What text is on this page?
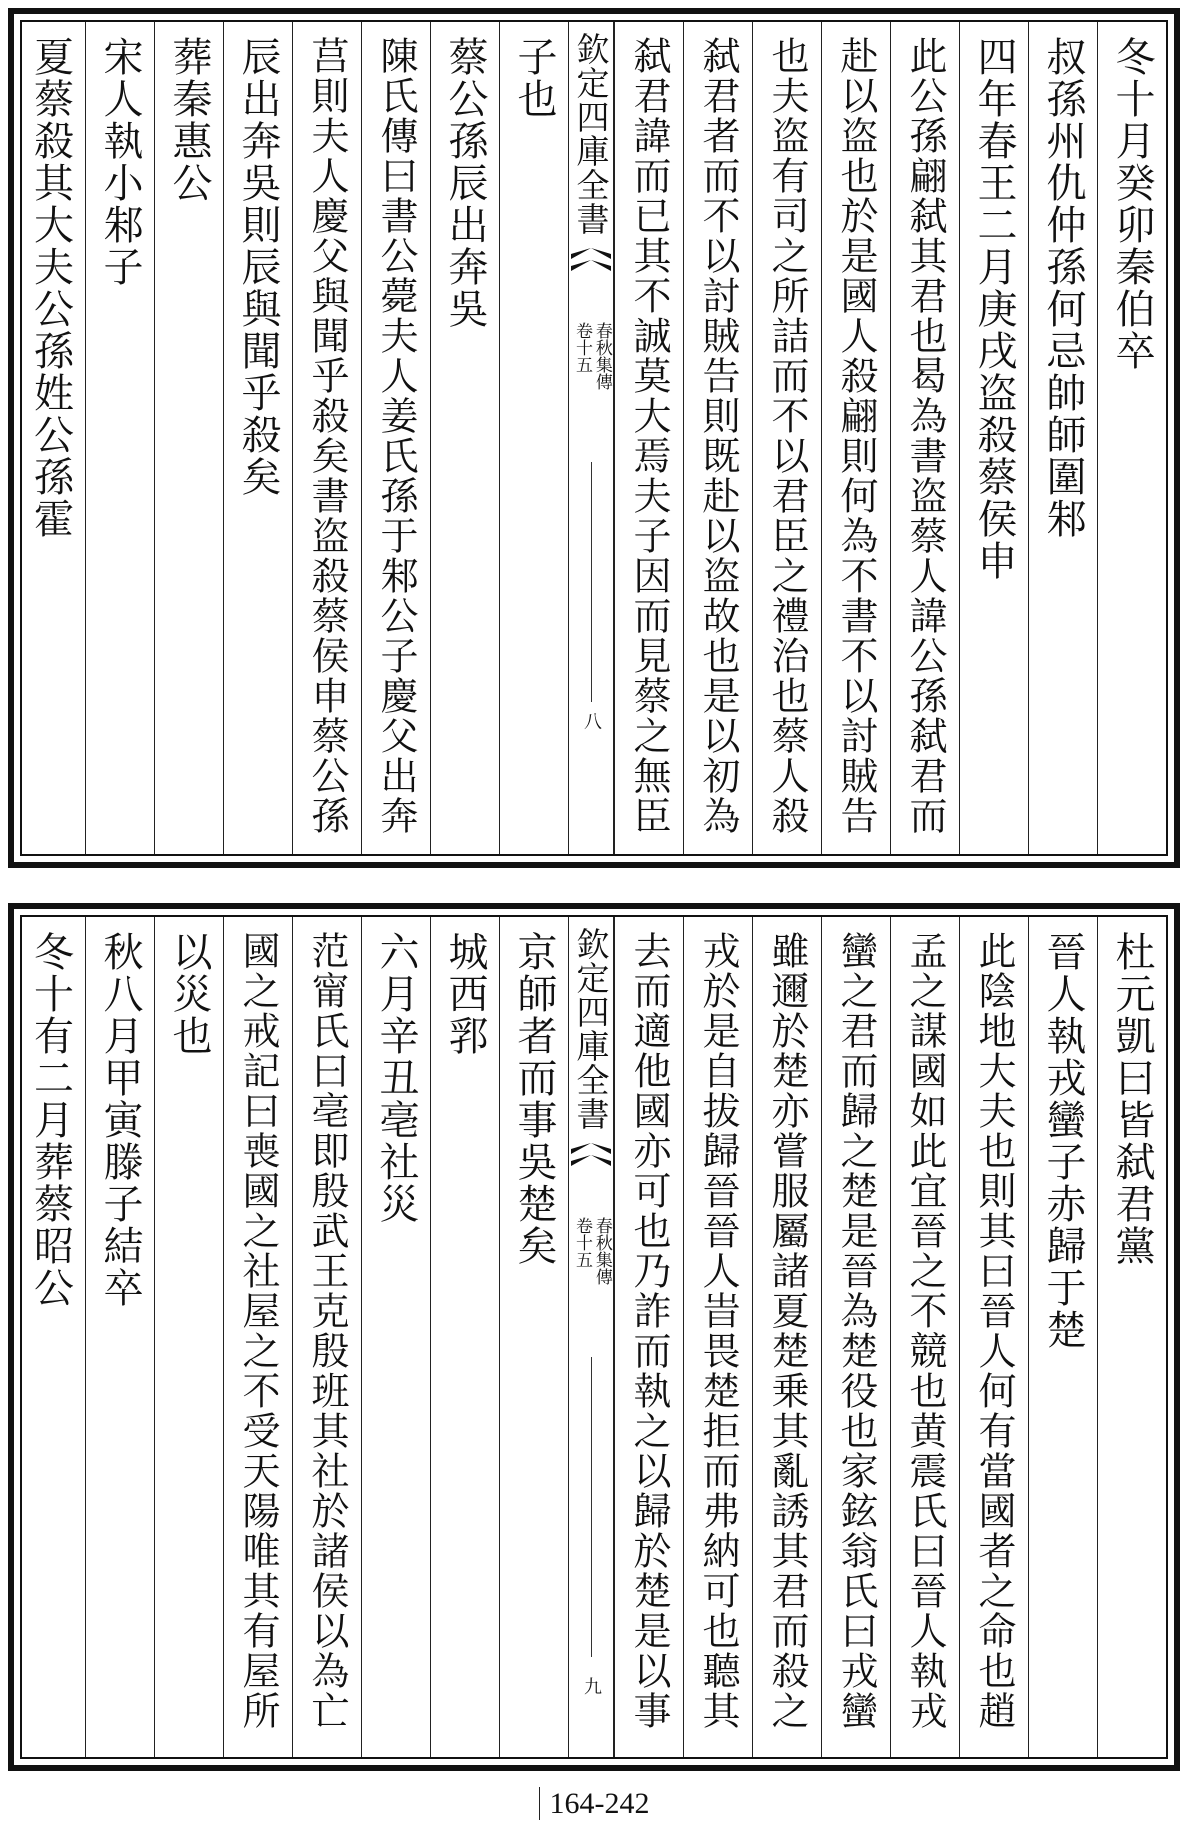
冬十月癸卯秦伯卒
叔孫州仇仲孫何忌帥師圍邾
四年春王二月庚戌盗殺蔡侯申
此公孫翩弑其君也曷為書盗蔡人諱公孫弑君而
赴以盗也於是國人殺翩則何為不書不以討賊告
也夫盗有司之所詰而不以君臣之禮治也蔡人殺
弑君者而不以討賊告則既赴以盗故也是以初為
弑君諱而已其不誠莫大焉夫子因而見蔡之無臣
欽定四庫全書
春秋集傳
卷十五
八
子也
蔡公孫辰出奔吳
陳氏傳曰書公薨夫人姜氏孫于邾公子慶父出奔
莒則夫人慶父與聞乎殺矣書盗殺蔡侯申蔡公孫
辰出奔吳則辰與聞乎殺矣
葬秦惠公
宋人執小邾子
夏蔡殺其大夫公孫姓公孫霍
杜元凱曰皆弑君黨
晉人執戎蠻子赤歸于楚
此陰地大夫也則其曰晉人何有當國者之命也趙
孟之謀國如此宜晉之不競也黄震氏曰晉人執戎
蠻之君而歸之楚是晉為楚役也家鉉翁氏曰戎蠻
雖邇於楚亦嘗服屬諸夏楚乗其亂誘其君而殺之
戎於是自拔歸晉晉人旹畏楚拒而弗納可也聽其
去而適他國亦可也乃詐而執之以歸於楚是以事
欽定四庫全書
春秋集傳
卷十五
九
京師者而事吳楚矣
城西郛
六月辛丑亳社災
范甯氏曰亳即殷武王克殷班其社於諸侯以為亡
國之戒記曰喪國之社屋之不受天陽唯其有屋所
以災也
秋八月甲寅滕子結卒
冬十有二月葬蔡昭公
164-242
